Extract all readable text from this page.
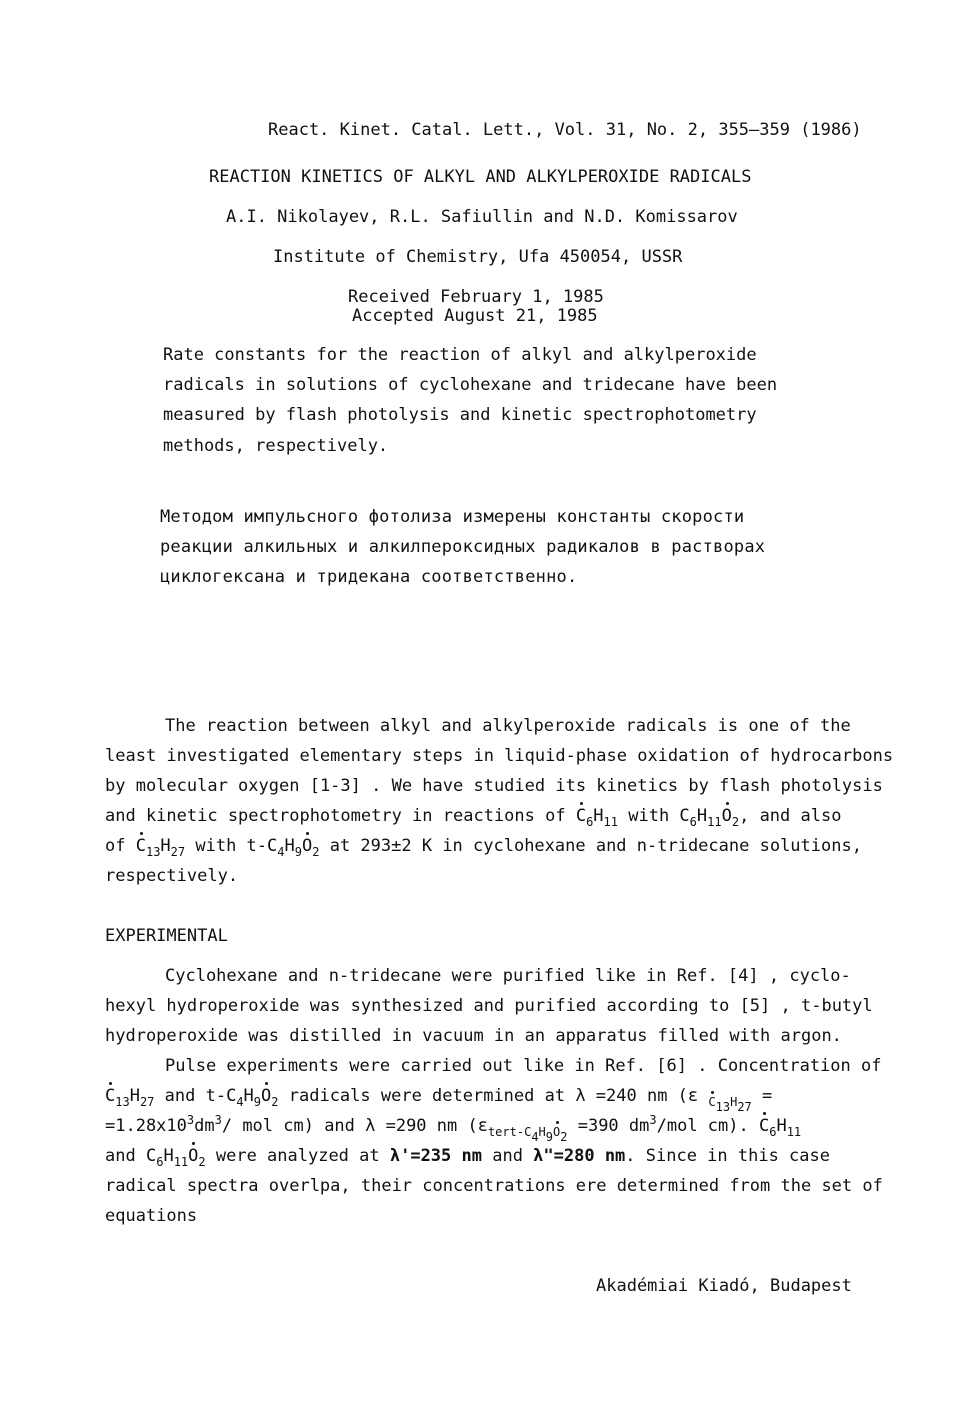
React. Kinet. Catal. Lett., Vol. 31, No. 2, 355–359 (1986)
REACTION KINETICS OF ALKYL AND ALKYLPEROXIDE RADICALS
A.I. Nikolayev, R.L. Safiullin and N.D. Komissarov
Institute of Chemistry, Ufa 450054, USSR
Received February 1, 1985
Accepted August 21, 1985
Rate constants for the reaction of alkyl and alkylperoxide
radicals in solutions of cyclohexane and tridecane have been
measured by flash photolysis and kinetic spectrophotometry
methods, respectively.
Методом импульсного фотолиза измерены константы скорости
реакции алкильных и алкилпероксидных радикалов в растворах
циклогексана и тридекана соответственно.
The reaction between alkyl and alkylperoxide radicals is one of the
least investigated elementary steps in liquid-phase oxidation of hydrocarbons
by molecular oxygen [1-3] . We have studied its kinetics by flash photolysis
and kinetic spectrophotometry in reactions of $C_6H_{11}$ with $C_6H_{11}O_2$, and also
of $C_{13}H_{27}$ with $t-C_4H_9O_2$ at 293±2 K in cyclohexane and n-tridecane solutions,
respectively.
EXPERIMENTAL
Cyclohexane and n-tridecane were purified like in Ref. [4] , cyclo-
hexyl hydroperoxide was synthesized and purified according to [5] , t-butyl
hydroperoxide was distilled in vacuum in an apparatus filled with argon.
Pulse experiments were carried out like in Ref. [6] . Concentration of
$C_{13}H_{27}$ and $t-C_4H_9O_2$ radicals were determined at λ =240 nm (ε $_{C_{13}H_{27}}$ =
$=1.28x10^3dm^3/$ mol cm) and λ =290 nm ($\varepsilon_{tert-C_4H_9O_2} =390$ $dm^3$/mol cm). $C_6H_{11}$
and $C_6H_{11}O_2$ were analyzed at λ'=235 nm and λ"=280 nm. Since in this case
radical spectra overlpa, their concentrations ere determined from the set of
equations
Akadémiai Kiadó, Budapest
